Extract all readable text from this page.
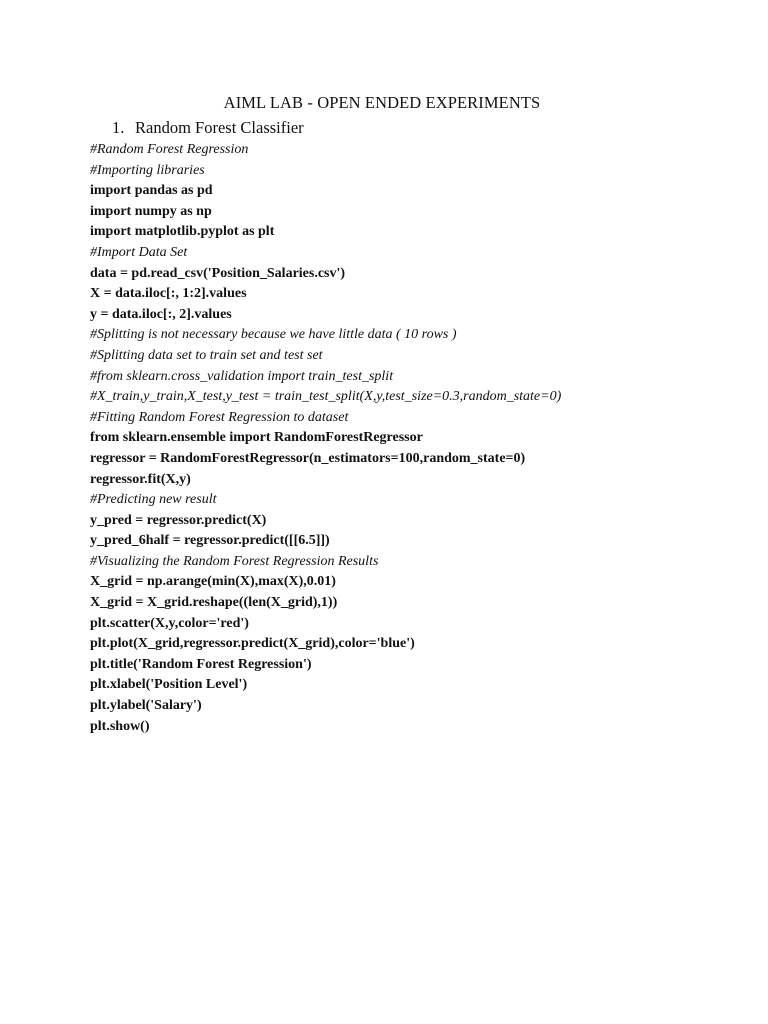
AIML LAB - OPEN ENDED EXPERIMENTS
1. Random Forest Classifier
#Random Forest Regression
#Importing libraries
import pandas as pd
import numpy as np
import matplotlib.pyplot as plt
#Import Data Set
data = pd.read_csv('Position_Salaries.csv')
X = data.iloc[:, 1:2].values
y = data.iloc[:, 2].values
#Splitting is not necessary because we have little data ( 10 rows )
#Splitting data set to train set and test set
#from sklearn.cross_validation import train_test_split
#X_train,y_train,X_test,y_test = train_test_split(X,y,test_size=0.3,random_state=0)
#Fitting Random Forest Regression to dataset
from sklearn.ensemble import RandomForestRegressor
regressor = RandomForestRegressor(n_estimators=100,random_state=0)
regressor.fit(X,y)
#Predicting new result
y_pred = regressor.predict(X)
y_pred_6half = regressor.predict([[6.5]])
#Visualizing the Random Forest Regression Results
X_grid = np.arange(min(X),max(X),0.01)
X_grid = X_grid.reshape((len(X_grid),1))
plt.scatter(X,y,color='red')
plt.plot(X_grid,regressor.predict(X_grid),color='blue')
plt.title('Random Forest Regression')
plt.xlabel('Position Level')
plt.ylabel('Salary')
plt.show()
